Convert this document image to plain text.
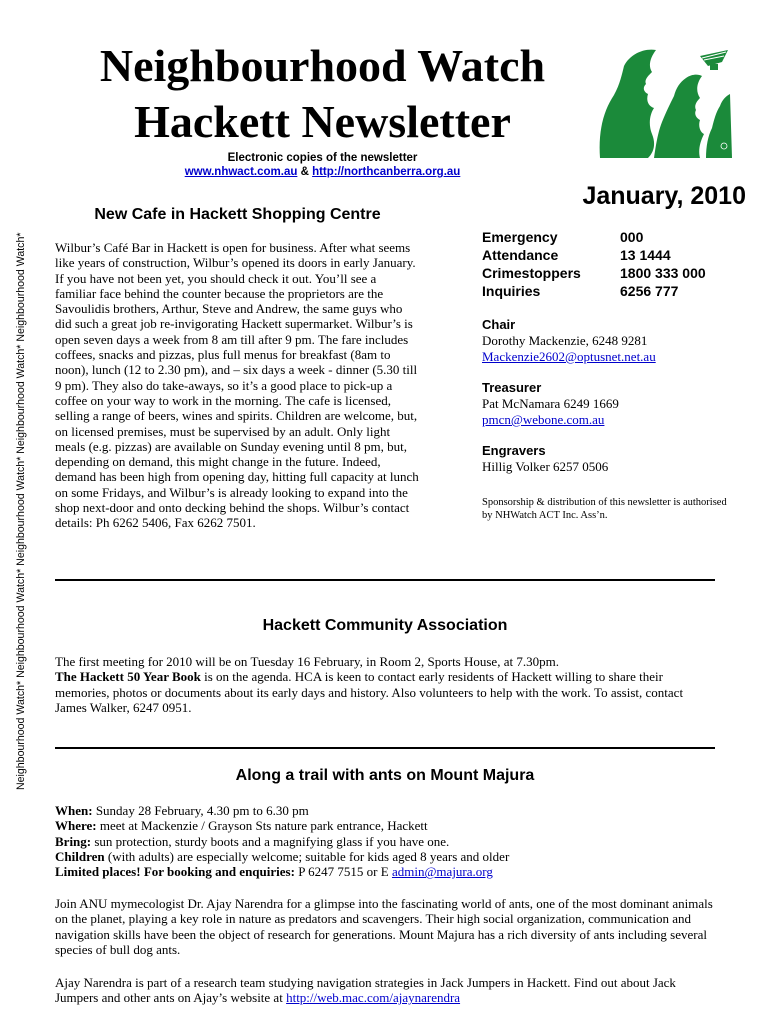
Neighbourhood Watch* Neighbourhood Watch* Neighbourhood Watch* Neighbourhood Watch* Neighbourhood Watch*
Neighbourhood Watch
Hackett Newsletter
Electronic copies of the newsletter
www.nhwact.com.au & http://northcanberra.org.au
January, 2010
New Cafe in Hackett Shopping Centre

Wilbur’s Café Bar in Hackett is open for business. After what seems like years of construction, Wilbur’s opened its doors in early January. If you have not been yet, you should check it out. You’ll see a familiar face behind the counter because the proprietors are the Savoulidis brothers, Arthur, Steve and Andrew, the same guys who did such a great job re-invigorating Hackett supermarket. Wilbur’s is open seven days a week from 8 am till after 9 pm. The fare includes coffees, snacks and pizzas, plus full menus for breakfast (8am to noon), lunch (12 to 2.30 pm), and – six days a week - dinner (5.30 till 9 pm). They also do take-aways, so it’s a good place to pick-up a coffee on your way to work in the morning. The cafe is licensed, selling a range of beers, wines and spirits. Children are welcome, but, on licensed premises, must be supervised by an adult. Only light meals (e.g. pizzas) are available on Sunday evening until 8 pm, but, depending on demand, this might change in the future. Indeed, demand has been high from opening day, hitting full capacity at lunch on some Fridays, and Wilbur’s is already looking to expand into the shop next-door and onto decking behind the shops. Wilbur’s contact details: Ph 6262 5406, Fax 6262 7501.

Emergency	000
Attendance	13 1444
Crimestoppers	1800 333 000
Inquiries	6256 777
Chair
Dorothy Mackenzie, 6248 9281
Mackenzie2602@optusnet.net.au
Treasurer
Pat McNamara 6249 1669
pmcn@webone.com.au
Engravers
Hillig Volker 6257 0506
Sponsorship & distribution of this newsletter is authorised by NHWatch ACT Inc. Ass’n.
Hackett Community Association
The first meeting for 2010 will be on Tuesday 16 February, in Room 2, Sports House, at 7.30pm.
The Hackett 50 Year Book is on the agenda. HCA is keen to contact early residents of Hackett willing to share their memories, photos or documents about its early days and history. Also volunteers to help with the work. To assist, contact James Walker, 6247 0951.
Along a trail with ants on Mount Majura
When: Sunday 28 February, 4.30 pm to 6.30 pm
Where: meet at Mackenzie / Grayson Sts nature park entrance, Hackett
Bring: sun protection, sturdy boots and a magnifying glass if you have one.
Children (with adults) are especially welcome; suitable for kids aged 8 years and older
Limited places! For booking and enquiries: P 6247 7515 or E admin@majura.org

Join ANU mymecologist Dr. Ajay Narendra for a glimpse into the fascinating world of ants, one of the most dominant animals on the planet, playing a key role in nature as predators and scavengers. Their high social organization, communication and navigation skills have been the object of research for generations. Mount Majura has a rich diversity of ants including several species of bull dog ants.

Ajay Narendra is part of a research team studying navigation strategies in Jack Jumpers in Hackett. Find out about Jack Jumpers and other ants on Ajay’s website at http://web.mac.com/ajaynarendra
